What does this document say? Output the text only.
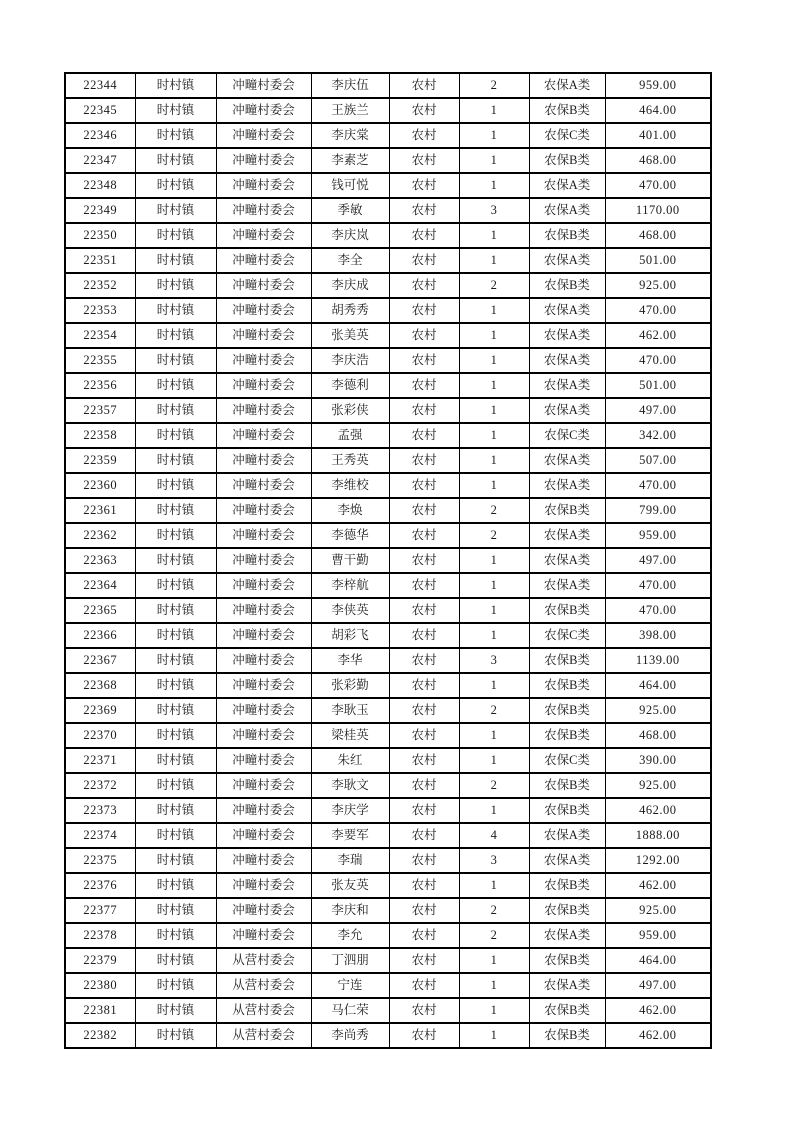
22344	时村镇	冲疃村委会	李庆伍	农村	2	农保A类	959.00
22345	时村镇	冲疃村委会	王族兰	农村	1	农保B类	464.00
22346	时村镇	冲疃村委会	李庆棠	农村	1	农保C类	401.00
22347	时村镇	冲疃村委会	李素芝	农村	1	农保B类	468.00
22348	时村镇	冲疃村委会	钱可悦	农村	1	农保A类	470.00
22349	时村镇	冲疃村委会	季敏	农村	3	农保A类	1170.00
22350	时村镇	冲疃村委会	李庆岚	农村	1	农保B类	468.00
22351	时村镇	冲疃村委会	李全	农村	1	农保A类	501.00
22352	时村镇	冲疃村委会	李庆成	农村	2	农保B类	925.00
22353	时村镇	冲疃村委会	胡秀秀	农村	1	农保A类	470.00
22354	时村镇	冲疃村委会	张美英	农村	1	农保A类	462.00
22355	时村镇	冲疃村委会	李庆浩	农村	1	农保A类	470.00
22356	时村镇	冲疃村委会	李德利	农村	1	农保A类	501.00
22357	时村镇	冲疃村委会	张彩侠	农村	1	农保A类	497.00
22358	时村镇	冲疃村委会	孟强	农村	1	农保C类	342.00
22359	时村镇	冲疃村委会	王秀英	农村	1	农保A类	507.00
22360	时村镇	冲疃村委会	李维校	农村	1	农保A类	470.00
22361	时村镇	冲疃村委会	李焕	农村	2	农保B类	799.00
22362	时村镇	冲疃村委会	李德华	农村	2	农保A类	959.00
22363	时村镇	冲疃村委会	曹干勤	农村	1	农保A类	497.00
22364	时村镇	冲疃村委会	李梓航	农村	1	农保A类	470.00
22365	时村镇	冲疃村委会	李侠英	农村	1	农保B类	470.00
22366	时村镇	冲疃村委会	胡彩飞	农村	1	农保C类	398.00
22367	时村镇	冲疃村委会	李华	农村	3	农保B类	1139.00
22368	时村镇	冲疃村委会	张彩勤	农村	1	农保B类	464.00
22369	时村镇	冲疃村委会	李耿玉	农村	2	农保B类	925.00
22370	时村镇	冲疃村委会	梁桂英	农村	1	农保B类	468.00
22371	时村镇	冲疃村委会	朱红	农村	1	农保C类	390.00
22372	时村镇	冲疃村委会	李耿文	农村	2	农保B类	925.00
22373	时村镇	冲疃村委会	李庆学	农村	1	农保B类	462.00
22374	时村镇	冲疃村委会	李要军	农村	4	农保A类	1888.00
22375	时村镇	冲疃村委会	李瑞	农村	3	农保A类	1292.00
22376	时村镇	冲疃村委会	张友英	农村	1	农保B类	462.00
22377	时村镇	冲疃村委会	李庆和	农村	2	农保B类	925.00
22378	时村镇	冲疃村委会	李允	农村	2	农保A类	959.00
22379	时村镇	从营村委会	丁泗朋	农村	1	农保B类	464.00
22380	时村镇	从营村委会	宁连	农村	1	农保A类	497.00
22381	时村镇	从营村委会	马仁荣	农村	1	农保B类	462.00
22382	时村镇	从营村委会	李尚秀	农村	1	农保B类	462.00
